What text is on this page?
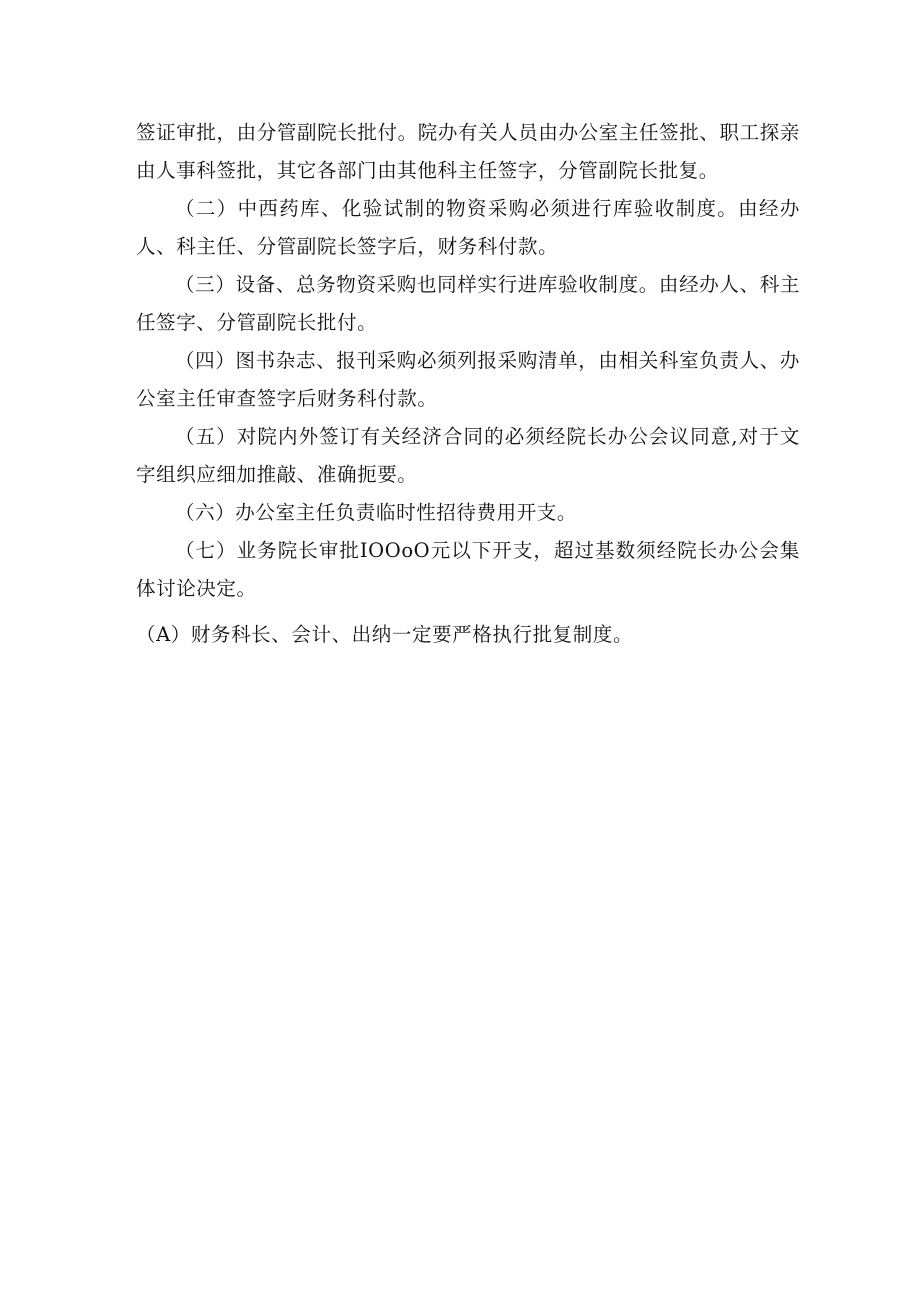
签证审批，由分管副院长批付。院办有关人员由办公室主任签批、职工探亲由人事科签批，其它各部门由其他科主任签字，分管副院长批复。

（二）中西药库、化验试制的物资采购必须进行库验收制度。由经办人、科主任、分管副院长签字后，财务科付款。

（三）设备、总务物资采购也同样实行进库验收制度。由经办人、科主任签字、分管副院长批付。

（四）图书杂志、报刊采购必须列报采购清单，由相关科室负责人、办公室主任审查签字后财务科付款。

（五）对院内外签订有关经济合同的必须经院长办公会议同意,对于文字组织应细加推敲、准确扼要。

（六）办公室主任负责临时性招待费用开支。

（七）业务院长审批IOOoO元以下开支，超过基数须经院长办公会集体讨论决定。

（A）财务科长、会计、出纳一定要严格执行批复制度。
